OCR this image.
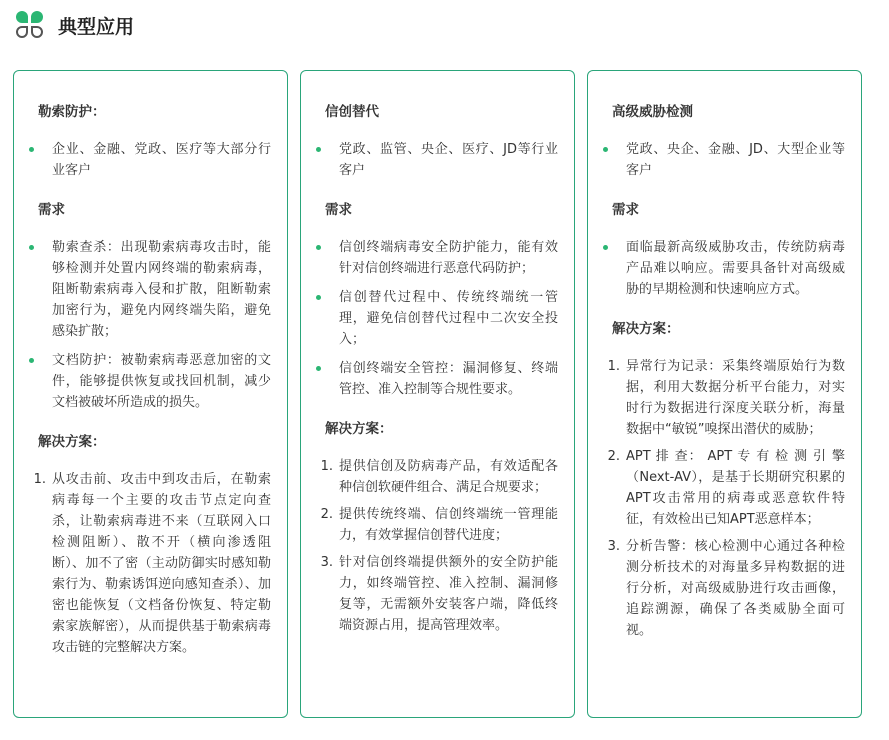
典型应用
勒索防护：
企业、金融、党政、医疗等大部分行业客户
需求
勒索查杀：出现勒索病毒攻击时，能够检测并处置内网终端的勒索病毒，阻断勒索病毒入侵和扩散，阻断勒索加密行为，避免内网终端失陷，避免感染扩散；
文档防护：被勒索病毒恶意加密的文件，能够提供恢复或找回机制，减少文档被破坏所造成的损失。
解决方案：
1. 从攻击前、攻击中到攻击后，在勒索病毒每一个主要的攻击节点定向查杀，让勒索病毒进不来（互联网入口检测阻断）、散不开（横向渗透阻断）、加不了密（主动防御实时感知勒索行为、勒索诱饵逆向感知查杀）、加密也能恢复（文档备份恢复、特定勒索家族解密），从而提供基于勒索病毒攻击链的完整解决方案。
信创替代
党政、监管、央企、医疗、JD等行业客户
需求
信创终端病毒安全防护能力，能有效针对信创终端进行恶意代码防护；
信创替代过程中、传统终端统一管理，避免信创替代过程中二次安全投入；
信创终端安全管控：漏洞修复、终端管控、准入控制等合规性要求。
解决方案：
1. 提供信创及防病毒产品，有效适配各种信创软硬件组合、满足合规要求；
2. 提供传统终端、信创终端统一管理能力，有效掌握信创替代进度；
3. 针对信创终端提供额外的安全防护能力，如终端管控、准入控制、漏洞修复等，无需额外安装客户端，降低终端资源占用，提高管理效率。
高级威胁检测
党政、央企、金融、JD、大型企业等客户
需求
面临最新高级威胁攻击，传统防病毒产品难以响应。需要具备针对高级威胁的早期检测和快速响应方式。
解决方案：
1. 异常行为记录：采集终端原始行为数据，利用大数据分析平台能力，对实时行为数据进行深度关联分析，海量数据中“敏锐”嗅探出潜伏的威胁；
2. APT 排 查： APT 专 有 检 测 引 擎（Next-AV），是基于长期研究积累的APT攻击常用的病毒或恶意软件特征，有效检出已知APT恶意样本；
3. 分析告警：核心检测中心通过各种检测分析技术的对海量多异构数据的进行分析，对高级威胁进行攻击画像，追踪溯源，确保了各类威胁全面可视。
